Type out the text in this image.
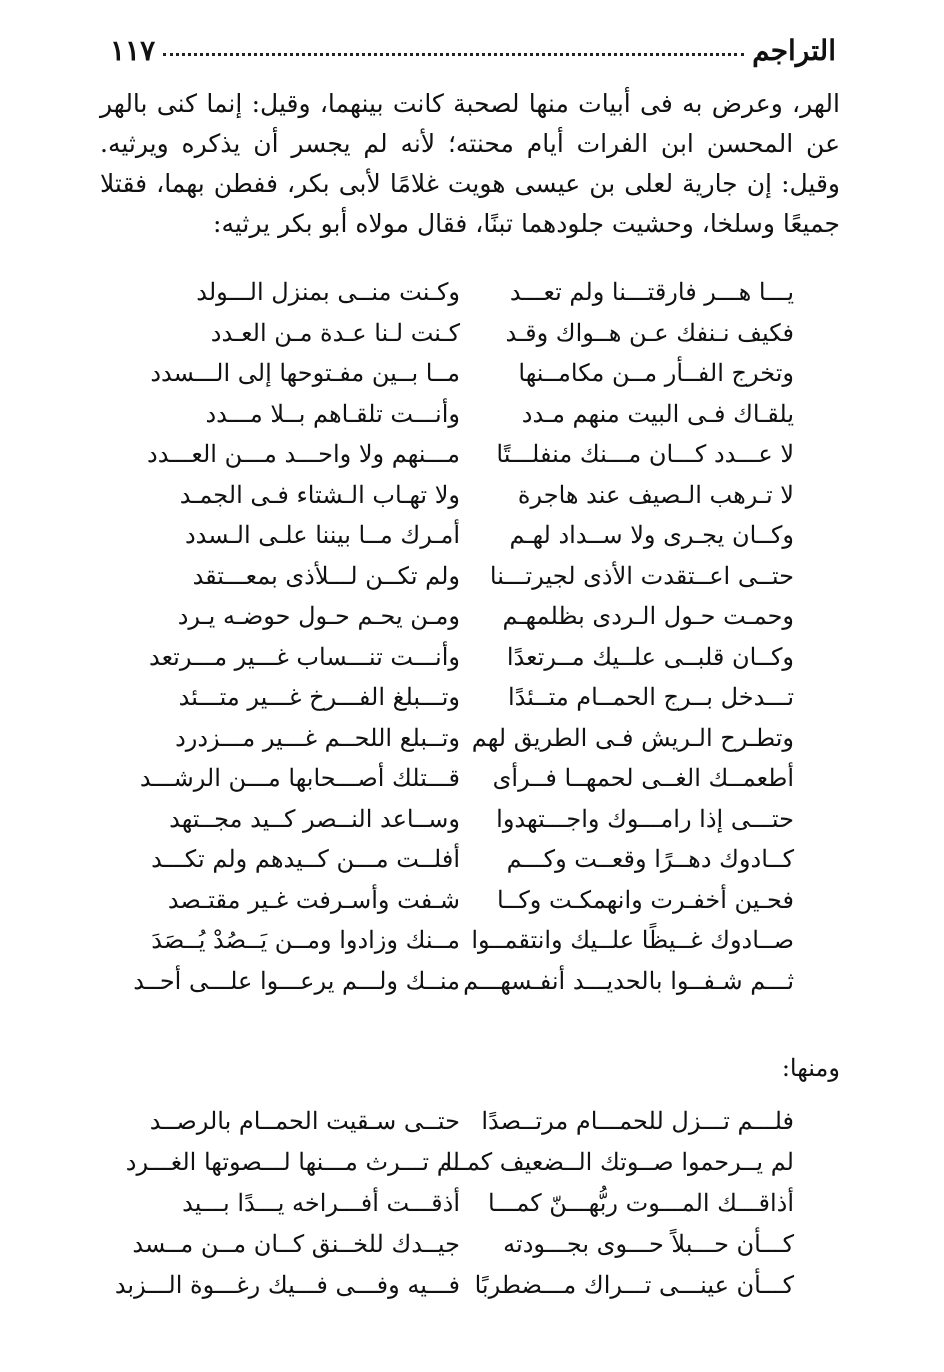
التراجم
١١٧

الهر، وعرض به فى أبيات منها لصحبة كانت بينهما، وقيل: إنما كنى بالهر عن المحسن ابن الفرات أيام محنته؛ لأنه لم يجسر أن يذكره ويرثيه. وقيل: إن جارية لعلى بن عيسى هويت غلامًا لأبى بكر، ففطن بهما، فقتلا جميعًا وسلخا، وحشيت جلودهما تبنًا، فقال مولاه أبو بكر يرثيه:

يـــا هـــر فارقتـــنا ولم تعـــد
وكـنت منــى بمنزل الـــولد
فكيف نـنفك عـن هــواك وقـد
كـنت لـنا عـدة مـن العـدد
وتخرج الفــأر مــن مكامــنها
مــا بــين مفـتوحها إلى الـــسدد
يلقـاك فـى البيت منهم مـدد
وأنـــت تلقـاهم بــلا مـــدد
لا عـــدد كـــان مـــنك منفلـــتًا
مـــنهم ولا واحـــد مـــن العـــدد
لا تـرهب الـصيف عند هاجرة
ولا تهـاب الـشتاء فـى الجمـد
وكــان يجـرى ولا ســداد لهـم
أمـرك مــا بيننا علـى الـسدد
حتــى اعــتقدت الأذى لجيرتـــنا
ولم تكــن لـــلأذى بمعـــتقد
وحمـت حـول الـردى بظلمهـم
ومـن يحـم حـول حوضـه يـرد
وكــان قلبــى علــيك مــرتعدًا
وأنـــت تنـــساب غـــير مـــرتعد
تـــدخل بــرج الحمــام متــئدًا
وتـــبلغ الفـــرخ غـــير متـــئد
وتطـرح الـريش فـى الطريق لهم
وتــبلع اللحــم غـــير مـــزدرد
أطعمــك الغــى لحمهــا فــرأى
قـــتلك أصـــحابها مـــن الرشـــد
حتـــى إذا رامـــوك واجـــتهدوا
وســاعد النــصر كــيد مجــتهد
كــادوك دهــرًا وقعــت وكـــم
أفلــت مـــن كــيدهم ولم تكـــد
فحـين أخفـرت وانهمكـت وكــا
شـفت وأسـرفت غـير مقتـصد
صــادوك غــيظًا علــيك وانتقمــوا
مــنك وزادوا ومــن يَــصُدْ يُــصَدَ
ثـــم شـفــوا بالحديـــد أنفـسهـــم
منــك ولـــم يرعـــوا علـــى أحــد
ومنها:
فلـــم تـــزل للحمـــام مرتــصدًا
حتــى سـقيت الحمــام بالرصــد
لم يــرحموا صــوتك الــضعيف كمــا
لم تـــرث مـــنها لـــصوتها الغـــرد
أذاقـــك المـــوت ربُّهـــنّ كمـــا
أذقـــت أفـــراخه يـــدًا بـــيد
كـــأن حـــبلاً حـــوى بجـــودته
جيــدك للخــنق كــان مــن مــسد
كـــأن عينـــى تـــراك مـــضطربًا
فـــيه وفـــى فـــيك رغـــوة الـــزبد
